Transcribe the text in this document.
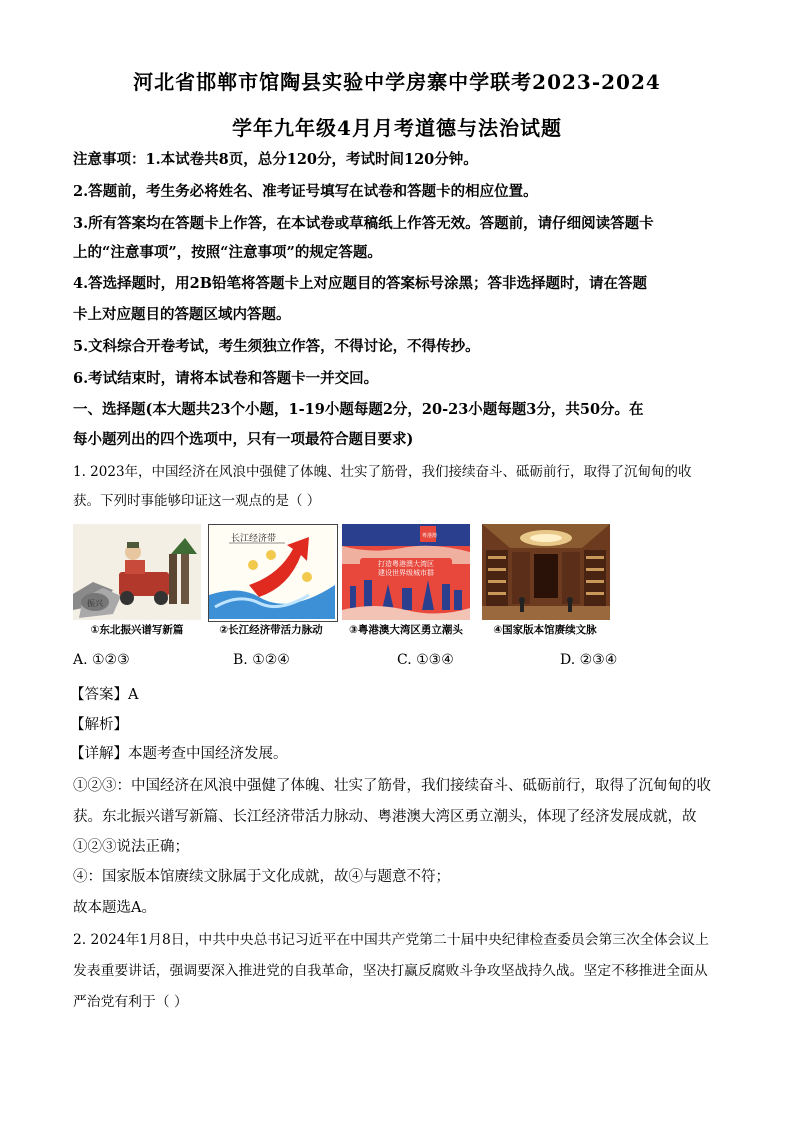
河北省邯郸市馆陶县实验中学房寨中学联考2023-2024
学年九年级4月月考道德与法治试题
注意事项：1.本试卷共8页，总分120分，考试时间120分钟。
2.答题前，考生务必将姓名、准考证号填写在试卷和答题卡的相应位置。
3.所有答案均在答题卡上作答，在本试卷或草稿纸上作答无效。答题前，请仔细阅读答题卡
上的“注意事项”，按照“注意事项”的规定答题。
4.答选择题时，用2B铅笔将答题卡上对应题目的答案标号涂黑；答非选择题时，请在答题
卡上对应题目的答题区域内答题。
5.文科综合开卷考试，考生须独立作答，不得讨论，不得传抄。
6.考试结束时，请将本试卷和答题卡一并交回。
一、选择题(本大题共23个小题，1-19小题每题2分，20-23小题每题3分，共50分。在
每小题列出的四个选项中，只有一项最符合题目要求)
1. 2023年，中国经济在风浪中强健了体魄、壮实了筋骨，我们接续奋斗、砥砺前行，取得了沉甸甸的收
获。下列时事能够印证这一观点的是（ ）
振兴
长江经济带	粤港澳
打造粤港澳大湾区
建设世界级城市群
①东北振兴谱写新篇	②长江经济带活力脉动	③粤港澳大湾区勇立潮头	④国家版本馆赓续文脉
A. ①②③	B. ①②④	C. ①③④	D. ②③④
【答案】A
【解析】
【详解】本题考查中国经济发展。
①②③：中国经济在风浪中强健了体魄、壮实了筋骨，我们接续奋斗、砥砺前行，取得了沉甸甸的收
获。东北振兴谱写新篇、长江经济带活力脉动、粤港澳大湾区勇立潮头，体现了经济发展成就，故
①②③说法正确；
④：国家版本馆赓续文脉属于文化成就，故④与题意不符；
故本题选A。
2. 2024年1月8日，中共中央总书记习近平在中国共产党第二十届中央纪律检查委员会第三次全体会议上
发表重要讲话，强调要深入推进党的自我革命，坚决打赢反腐败斗争攻坚战持久战。坚定不移推进全面从
严治党有利于（ ）
